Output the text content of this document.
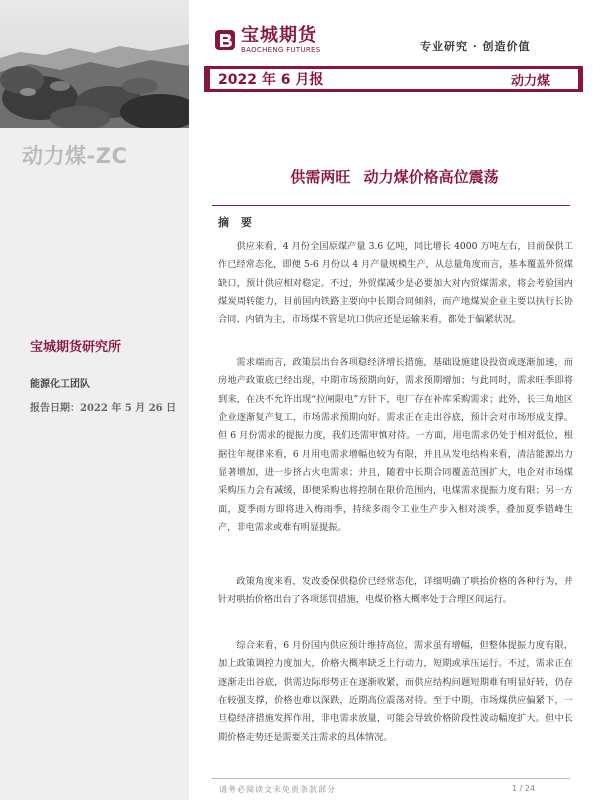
动力煤-ZC
宝城期货研究所
能源化工团队
报告日期：2022 年 5 月 26 日
宝城期货
BAOCHENG FUTURES	专业研究 · 创造价值
2022 年 6 月报	动力煤
供需两旺 动力煤价格高位震荡
摘 要

供应来看，4 月份全国原煤产量 3.6 亿吨，同比增长 4000 万吨左右，目前保供工作已经常态化，即便 5-6 月份以 4 月产量规模生产，从总量角度而言，基本覆盖外贸煤缺口，预计供应相对稳定。不过，外贸煤减少是必要加大对内贸煤需求，将会考验国内煤炭周转能力，目前国内铁路主要向中长期合同倾斜，而产地煤炭企业主要以执行长协合同、内销为主，市场煤不管是坑口供应还是运输来看，都处于偏紧状况。

需求端而言，政策层出台各项稳经济增长措施，基础设施建设投资或逐渐加速，而房地产政策底已经出现，中期市场预期向好，需求预期增加；与此同时，需求旺季即将到来，在决不允许出现“拉闸限电”方针下，电厂存在补库采购需求；此外，长三角地区企业逐渐复产复工，市场需求预期向好。需求正在走出谷底，预计会对市场形成支撑。但 6 月份需求的提振力度，我们还需审慎对待。一方面，用电需求仍处于相对低位，根据往年规律来看，6 月用电需求增幅也较为有限，并且从发电结构来看，清洁能源出力显著增加，进一步挤占火电需求；并且，随着中长期合同覆盖范围扩大，电企对市场煤采购压力会有减缓，即便采购也将控制在限价范围内，电煤需求提振力度有限；另一方面，夏季雨方即将进入梅雨季，持续多雨令工业生产步入相对淡季，叠加夏季错峰生产，非电需求或难有明显提振。

政策角度来看，发改委保供稳价已经常态化，详细明确了哄抬价格的各种行为，并针对哄抬价格出台了各项惩罚措施，电煤价格大概率处于合理区间运行。

综合来看，6 月份国内供应预计维持高位，需求虽有增幅，但整体提振力度有限，加上政策调控力度加大，价格大概率缺乏上行动力，短期或承压运行。不过，需求正在逐渐走出谷底，供需边际形势正在逐渐收紧，而供应结构问题短期难有明显好转，仍存在较强支撑，价格也难以深跌，近期高位震荡对待。至于中期，市场煤供应偏紧下，一旦稳经济措施发挥作用，非电需求放量，可能会导致价格阶段性波动幅度扩大。但中长期价格走势还是需要关注需求的具体情况。

请务必阅读文末免责条款部分	1 / 24
